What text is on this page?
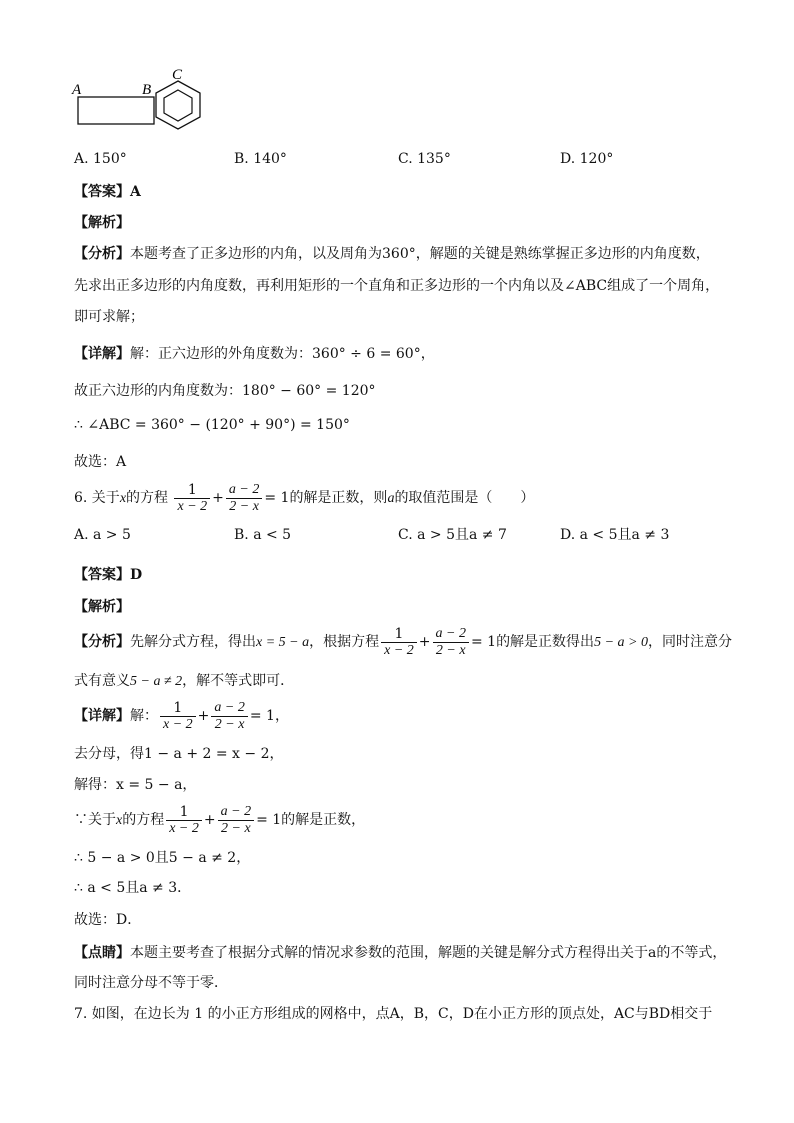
A	B
C
A. 150°	B. 140°	C. 135°	D. 120°
【答案】A
【解析】
【分析】本题考查了正多边形的内角，以及周角为360°，解题的关键是熟练掌握正多边形的内角度数，
先求出正多边形的内角度数，再利用矩形的一个直角和正多边形的一个内角以及∠ABC组成了一个周角，
即可求解；
【详解】解：正六边形的外角度数为：360° ÷ 6 = 60°，
故正六边形的内角度数为：180° − 60° = 120°
∴ ∠ABC = 360° − (120° + 90°) = 150°
故选：A
6. 关于x的方程 $\frac{1}{x - 2} + \frac{a - 2}{2 - x} = 1$的解是正数，则a的取值范围是（　　）
A. a > 5	B. a < 5	C. a > 5且a ≠ 7	D. a < 5且a ≠ 3
【答案】D
【解析】
【分析】先解分式方程，得出x = 5 − a，根据方程 $\frac{1}{x - 2} + \frac{a - 2}{2 - x} = 1$的解是正数得出5 − a > 0，同时注意分
式有意义5 − a ≠ 2，解不等式即可．
【详解】解： $\frac{1}{x - 2} + \frac{a - 2}{2 - x} = 1$，
去分母，得1 − a + 2 = x − 2，
解得：x = 5 − a，
∵关于x的方程 $\frac{1}{x - 2} + \frac{a - 2}{2 - x} = 1$的解是正数，
∴ 5 − a > 0且5 − a ≠ 2，
∴ a < 5且a ≠ 3．
故选：D．
【点睛】本题主要考查了根据分式解的情况求参数的范围，解题的关键是解分式方程得出关于a的不等式，
同时注意分母不等于零．
7. 如图，在边长为 1 的小正方形组成的网格中，点A，B，C，D在小正方形的顶点处，AC与BD相交于
